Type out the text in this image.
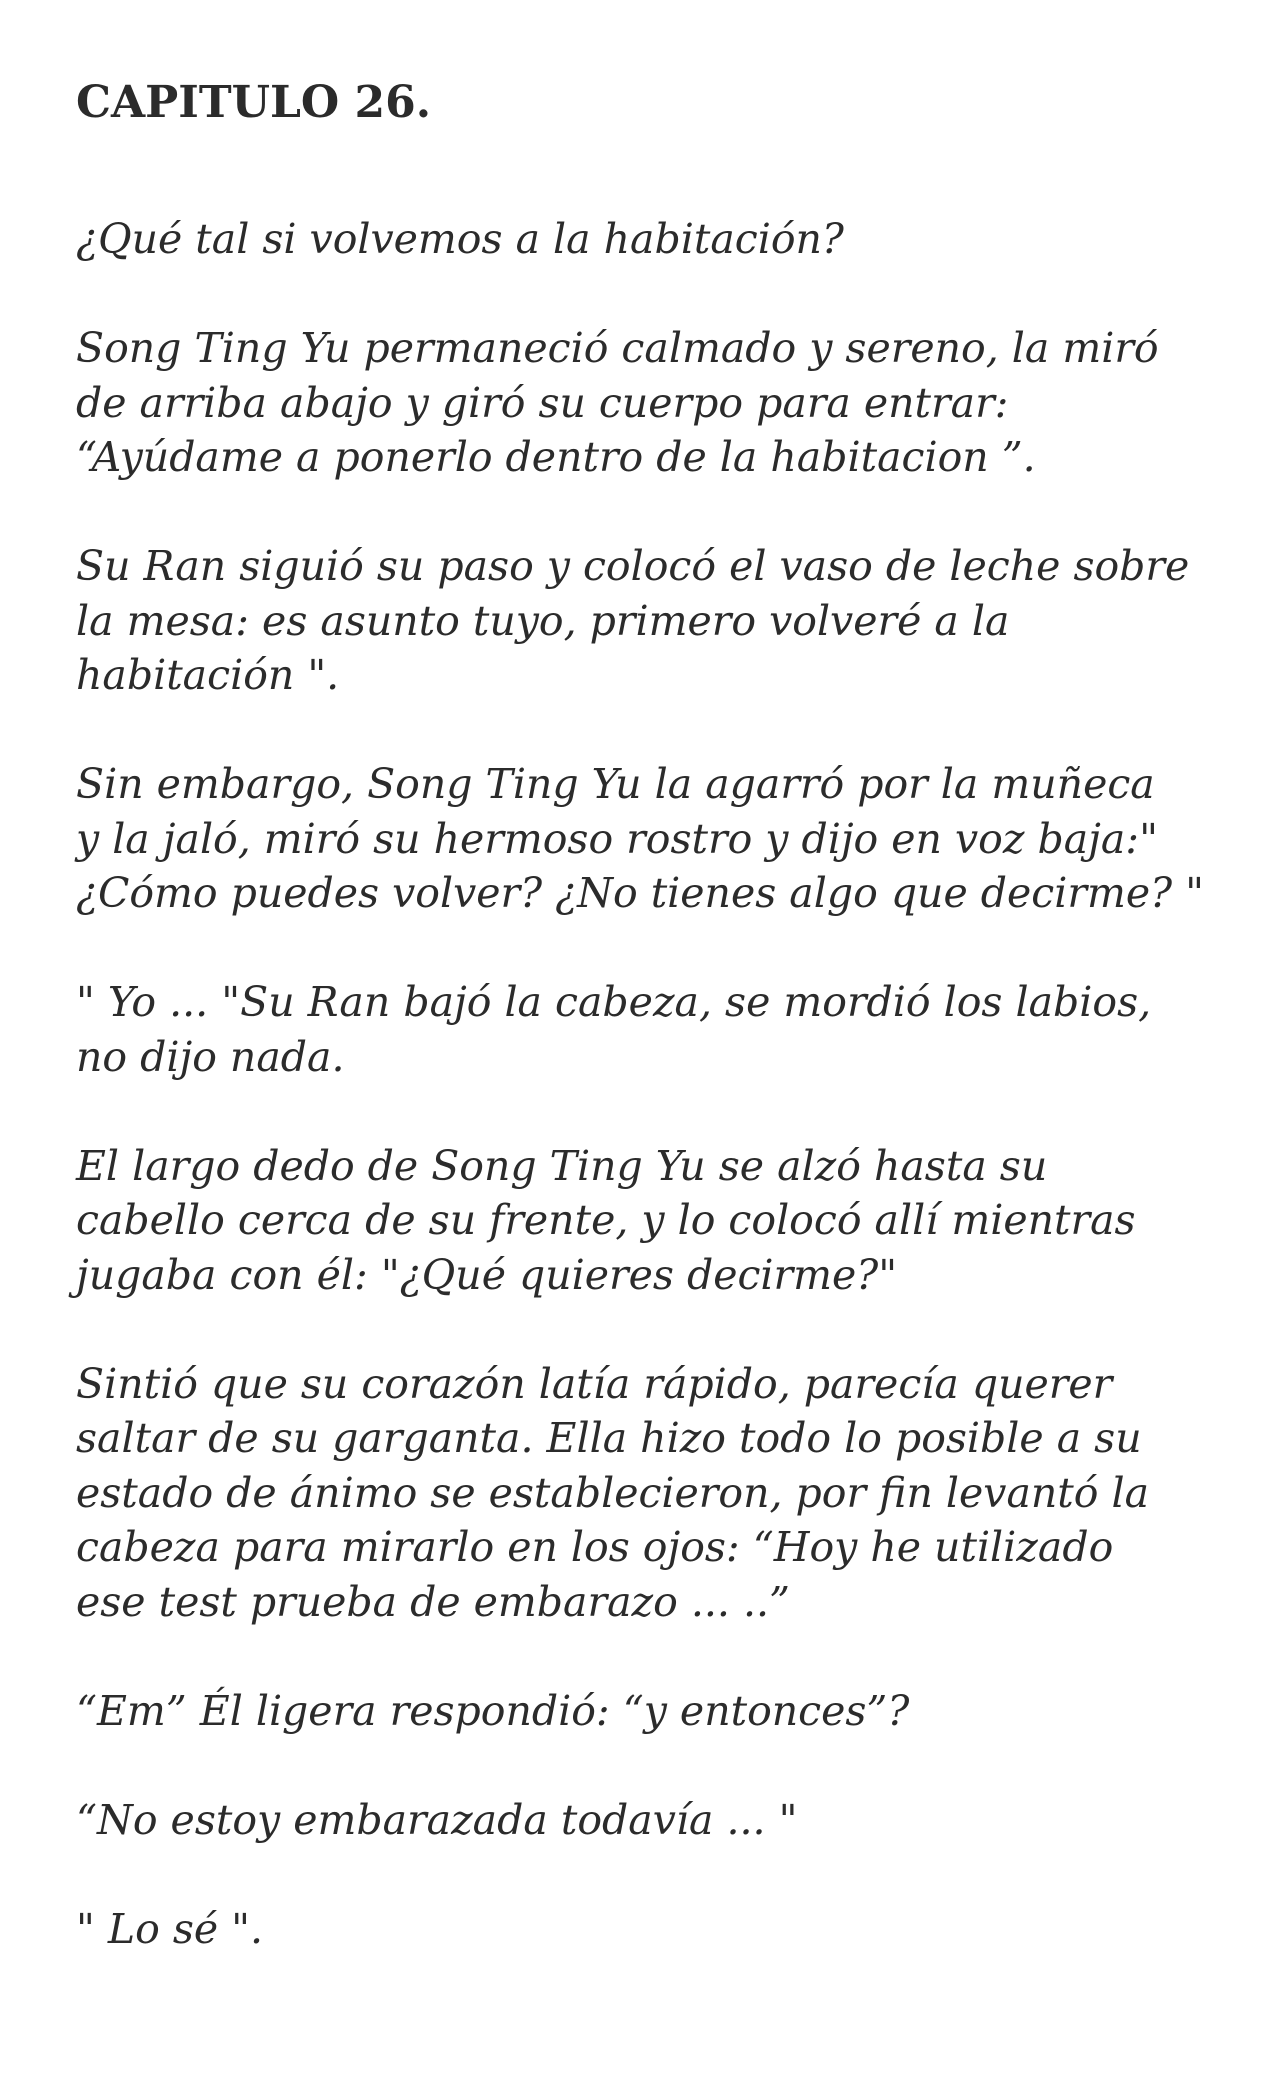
CAPITULO 26.

¿Qué tal si volvemos a la habitación?

Song Ting Yu permaneció calmado y sereno, la miró
de arriba abajo y giró su cuerpo para entrar:
“Ayúdame a ponerlo dentro de la habitacion ”.

Su Ran siguió su paso y colocó el vaso de leche sobre
la mesa: es asunto tuyo, primero volveré a la
habitación ".

Sin embargo, Song Ting Yu la agarró por la muñeca
y la jaló, miró su hermoso rostro y dijo en voz baja:"
¿Cómo puedes volver? ¿No tienes algo que decirme? "

" Yo ... "Su Ran bajó la cabeza, se mordió los labios,
no dijo nada.

El largo dedo de Song Ting Yu se alzó hasta su
cabello cerca de su frente, y lo colocó allí mientras
jugaba con él: "¿Qué quieres decirme?"

Sintió que su corazón latía rápido, parecía querer
saltar de su garganta. Ella hizo todo lo posible a su
estado de ánimo se establecieron, por fin levantó la
cabeza para mirarlo en los ojos: “Hoy he utilizado
ese test prueba de embarazo ... ..”

“Em” Él ligera respondió: “y entonces”?

“No estoy embarazada todavía ... "

" Lo sé ".
